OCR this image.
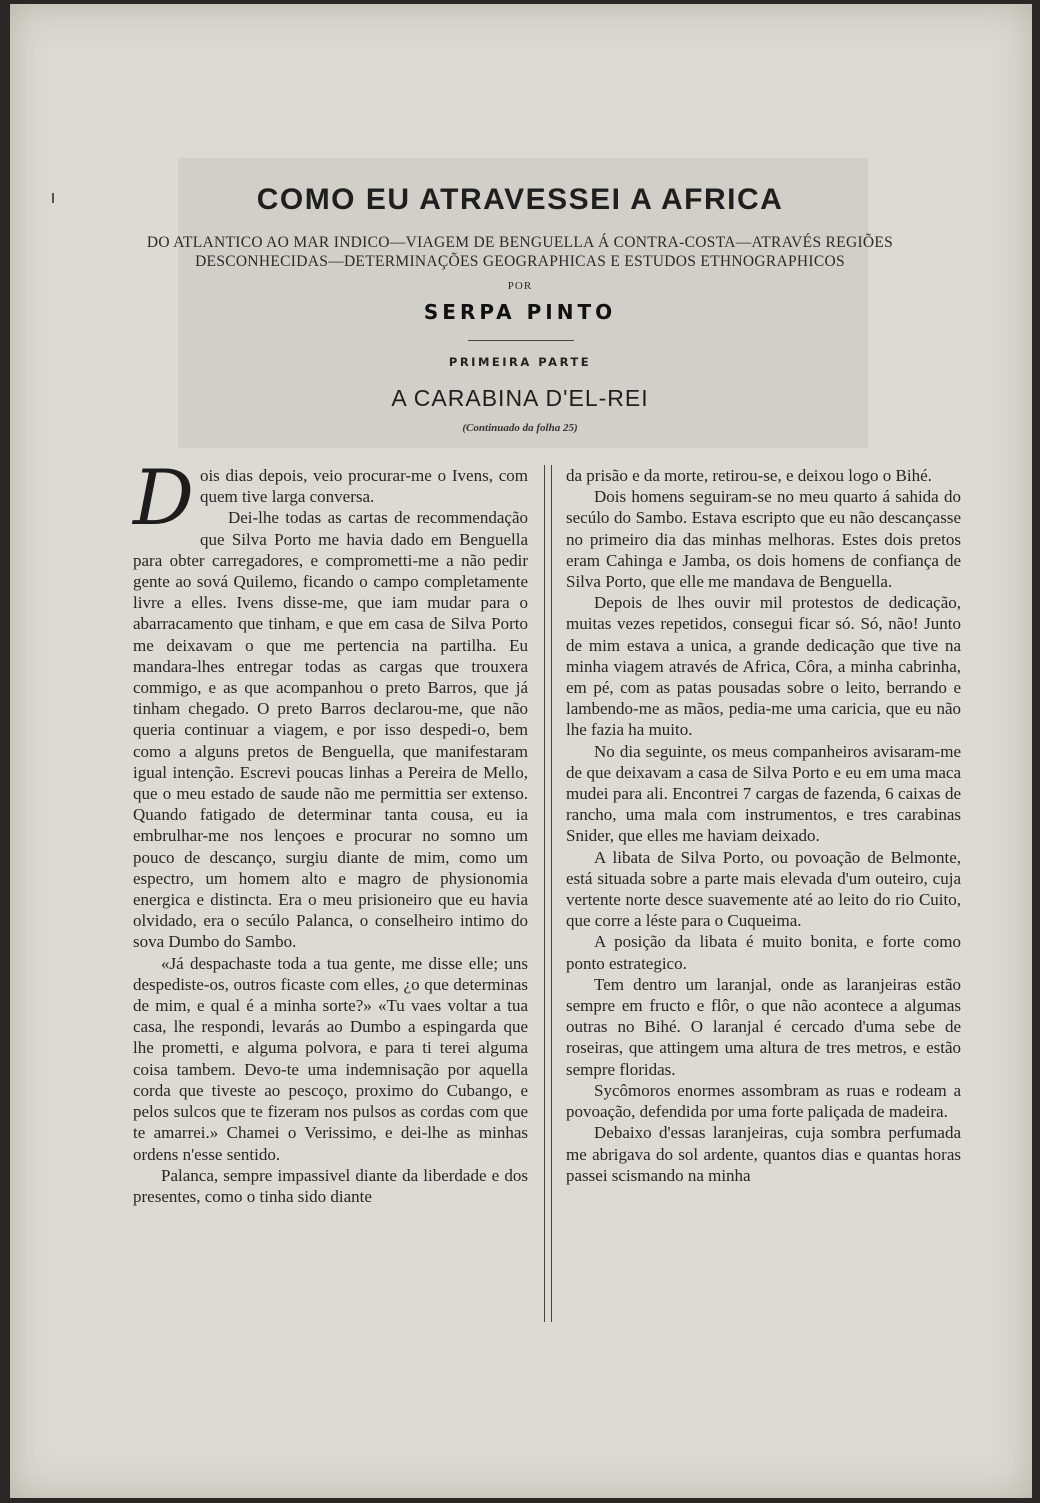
COMO EU ATRAVESSEI A AFRICA
DO ATLANTICO AO MAR INDICO—VIAGEM DE BENGUELLA Á CONTRA-COSTA—ATRAVÉS REGIÕES
DESCONHECIDAS—DETERMINAÇÕES GEOGRAPHICAS E ESTUDOS ETHNOGRAPHICOS
POR
SERPA PINTO
PRIMEIRA PARTE
A CARABINA D'EL-REI
(Continuado da folha 25)

Dois dias depois, veio procurar-me o Ivens, com quem tive larga conversa.

Dei-lhe todas as cartas de recommendação que Silva Porto me havia dado em Benguella para obter carregadores, e comprometti-me a não pedir gente ao sová Quilemo, ficando o campo completamente livre a elles. Ivens disse-me, que iam mudar para o abarracamento que tinham, e que em casa de Silva Porto me deixavam o que me pertencia na partilha. Eu mandara-lhes entregar todas as cargas que trouxera commigo, e as que acompanhou o preto Barros, que já tinham chegado. O preto Barros declarou-me, que não queria continuar a viagem, e por isso despedi-o, bem como a alguns pretos de Benguella, que manifestaram igual intenção. Escrevi poucas linhas a Pereira de Mello, que o meu estado de saude não me permittia ser extenso. Quando fatigado de determinar tanta cousa, eu ia embrulhar-me nos lençoes e procurar no somno um pouco de descanço, surgiu diante de mim, como um espectro, um homem alto e magro de physionomia energica e distincta. Era o meu prisioneiro que eu havia olvidado, era o secúlo Palanca, o conselheiro intimo do sova Dumbo do Sambo.

«Já despachaste toda a tua gente, me disse elle; uns despediste-os, outros ficaste com elles, ¿o que determinas de mim, e qual é a minha sorte?» «Tu vaes voltar a tua casa, lhe respondi, levarás ao Dumbo a espingarda que lhe prometti, e alguma polvora, e para ti terei alguma coisa tambem. Devo-te uma indemnisação por aquella corda que tiveste ao pescoço, proximo do Cubango, e pelos sulcos que te fizeram nos pulsos as cordas com que te amarrei.» Chamei o Verissimo, e dei-lhe as minhas ordens n'esse sentido.

Palanca, sempre impassivel diante da liberdade e dos presentes, como o tinha sido diante

da prisão e da morte, retirou-se, e deixou logo o Bihé.

Dois homens seguiram-se no meu quarto á sahida do secúlo do Sambo. Estava escripto que eu não descançasse no primeiro dia das minhas melhoras. Estes dois pretos eram Cahinga e Jamba, os dois homens de confiança de Silva Porto, que elle me mandava de Benguella.

Depois de lhes ouvir mil protestos de dedicação, muitas vezes repetidos, consegui ficar só. Só, não! Junto de mim estava a unica, a grande dedicação que tive na minha viagem através de Africa, Côra, a minha cabrinha, em pé, com as patas pousadas sobre o leito, berrando e lambendo-me as mãos, pedia-me uma caricia, que eu não lhe fazia ha muito.

No dia seguinte, os meus companheiros avisaram-me de que deixavam a casa de Silva Porto e eu em uma maca mudei para ali. Encontrei 7 cargas de fazenda, 6 caixas de rancho, uma mala com instrumentos, e tres carabinas Snider, que elles me haviam deixado.

A libata de Silva Porto, ou povoação de Belmonte, está situada sobre a parte mais elevada d'um outeiro, cuja vertente norte desce suavemente até ao leito do rio Cuito, que corre a léste para o Cuqueima.

A posição da libata é muito bonita, e forte como ponto estrategico.

Tem dentro um laranjal, onde as laranjeiras estão sempre em fructo e flôr, o que não acontece a algumas outras no Bihé. O laranjal é cercado d'uma sebe de roseiras, que attingem uma altura de tres metros, e estão sempre floridas.

Sycômoros enormes assombram as ruas e rodeam a povoação, defendida por uma forte paliçada de madeira.

Debaixo d'essas laranjeiras, cuja sombra perfumada me abrigava do sol ardente, quantos dias e quantas horas passei scismando na minha
